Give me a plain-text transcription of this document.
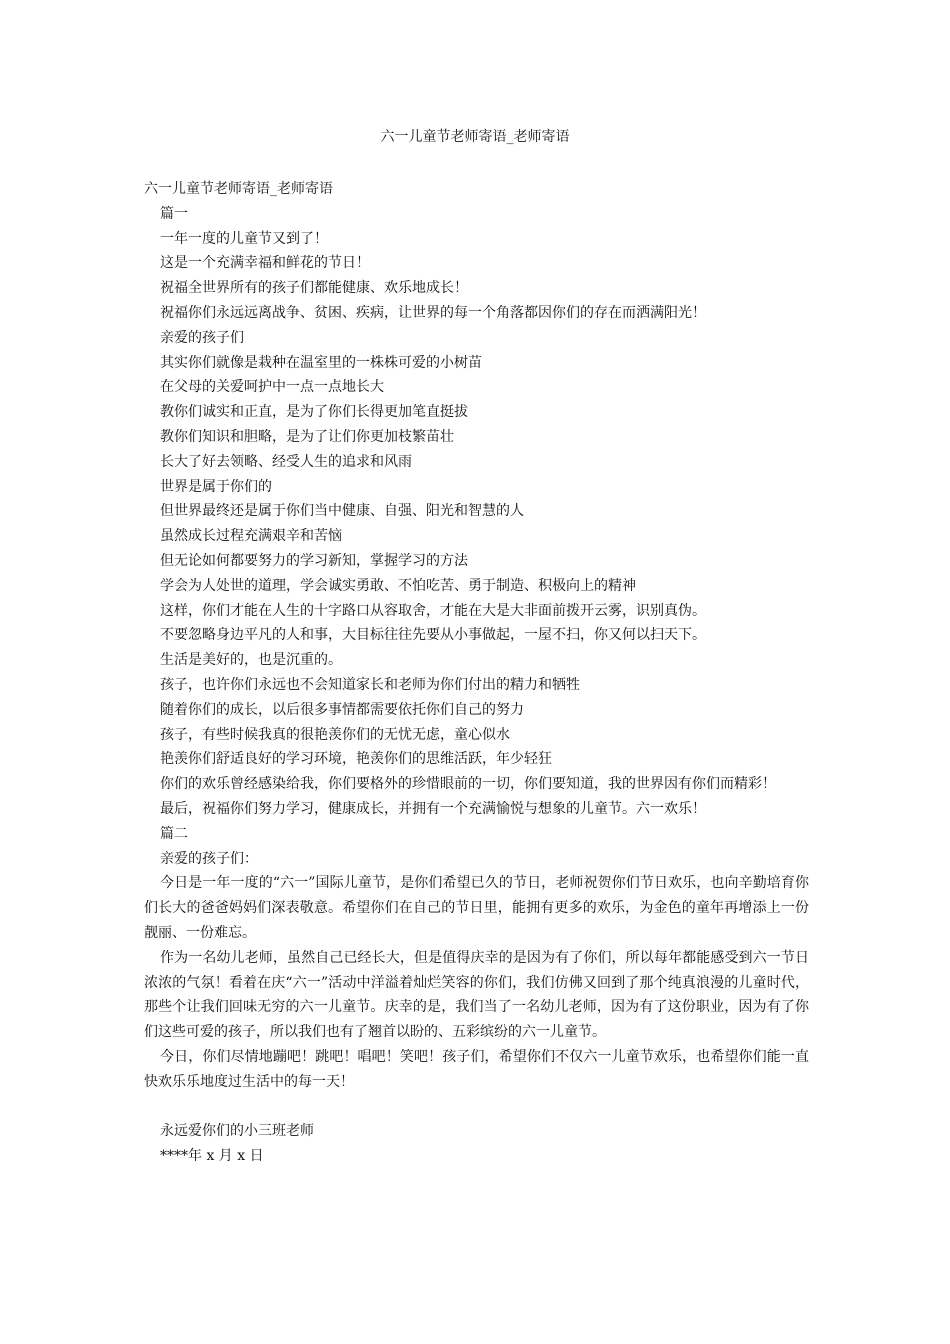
六一儿童节老师寄语_老师寄语

六一儿童节老师寄语_老师寄语

篇一

一年一度的儿童节又到了！

这是一个充满幸福和鲜花的节日！

祝福全世界所有的孩子们都能健康、欢乐地成长！

祝福你们永远远离战争、贫困、疾病，让世界的每一个角落都因你们的存在而洒满阳光！

亲爱的孩子们

其实你们就像是栽种在温室里的一株株可爱的小树苗

在父母的关爱呵护中一点一点地长大

教你们诚实和正直，是为了你们长得更加笔直挺拔

教你们知识和胆略，是为了让们你更加枝繁苗壮

长大了好去领略、经受人生的追求和风雨

世界是属于你们的

但世界最终还是属于你们当中健康、自强、阳光和智慧的人

虽然成长过程充满艰辛和苦恼

但无论如何都要努力的学习新知，掌握学习的方法

学会为人处世的道理，学会诚实勇敢、不怕吃苦、勇于制造、积极向上的精神

这样，你们才能在人生的十字路口从容取舍，才能在大是大非面前拨开云雾，识别真伪。

不要忽略身边平凡的人和事，大目标往往先要从小事做起，一屋不扫，你又何以扫天下。

生活是美好的，也是沉重的。

孩子，也许你们永远也不会知道家长和老师为你们付出的精力和牺牲

随着你们的成长，以后很多事情都需要依托你们自己的努力

孩子，有些时候我真的很艳羡你们的无忧无虑，童心似水

艳羡你们舒适良好的学习环境，艳羡你们的思维活跃，年少轻狂

你们的欢乐曾经感染给我，你们要格外的珍惜眼前的一切，你们要知道，我的世界因有你们而精彩！

最后，祝福你们努力学习，健康成长，并拥有一个充满愉悦与想象的儿童节。六一欢乐！

篇二

亲爱的孩子们：

今日是一年一度的“六一”国际儿童节，是你们希望已久的节日，老师祝贺你们节日欢乐，也向辛勤培育你们长大的爸爸妈妈们深表敬意。希望你们在自己的节日里，能拥有更多的欢乐，为金色的童年再增添上一份靓丽、一份难忘。

作为一名幼儿老师，虽然自己已经长大，但是值得庆幸的是因为有了你们，所以每年都能感受到六一节日浓浓的气氛！看着在庆“六一”活动中洋溢着灿烂笑容的你们，我们仿佛又回到了那个纯真浪漫的儿童时代，那些个让我们回味无穷的六一儿童节。庆幸的是，我们当了一名幼儿老师，因为有了这份职业，因为有了你们这些可爱的孩子，所以我们也有了翘首以盼的、五彩缤纷的六一儿童节。

今日，你们尽情地蹦吧！跳吧！唱吧！笑吧！孩子们，希望你们不仅六一儿童节欢乐，也希望你们能一直快欢乐乐地度过生活中的每一天！

永远爱你们的小三班老师

****年 x 月 x 日
